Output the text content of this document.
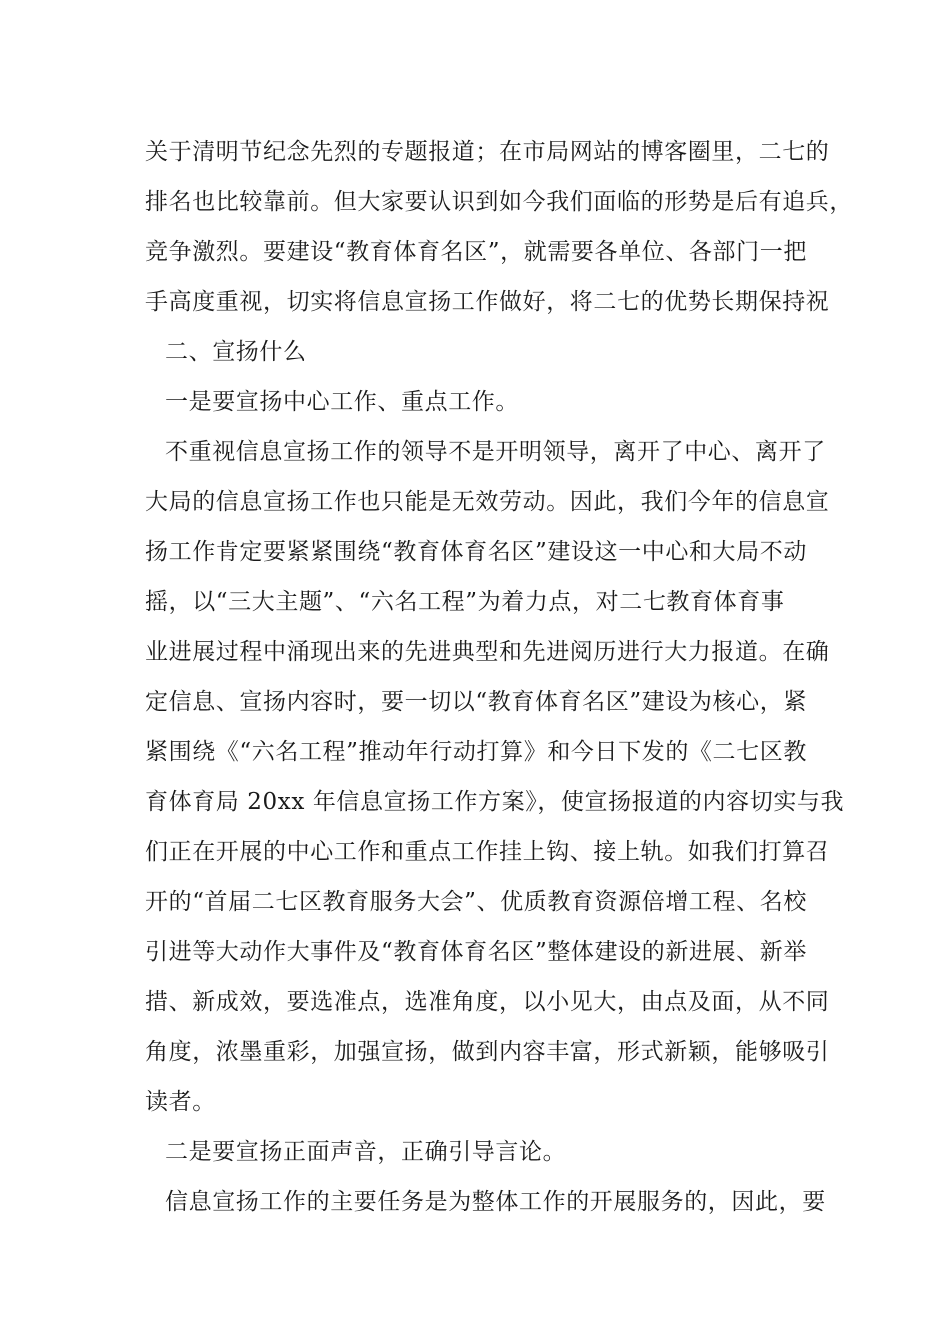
关于清明节纪念先烈的专题报道；在市局网站的博客圈里，二七的
排名也比较靠前。但大家要认识到如今我们面临的形势是后有追兵，
竞争激烈。要建设“教育体育名区”，就需要各单位、各部门一把
手高度重视，切实将信息宣扬工作做好，将二七的优势长期保持祝
二、宣扬什么
一是要宣扬中心工作、重点工作。
不重视信息宣扬工作的领导不是开明领导，离开了中心、离开了
大局的信息宣扬工作也只能是无效劳动。因此，我们今年的信息宣
扬工作肯定要紧紧围绕“教育体育名区”建设这一中心和大局不动
摇，以“三大主题”、“六名工程”为着力点，对二七教育体育事
业进展过程中涌现出来的先进典型和先进阅历进行大力报道。在确
定信息、宣扬内容时，要一切以“教育体育名区”建设为核心，紧
紧围绕《“六名工程”推动年行动打算》和今日下发的《二七区教
育体育局 20xx 年信息宣扬工作方案》，使宣扬报道的内容切实与我
们正在开展的中心工作和重点工作挂上钩、接上轨。如我们打算召
开的“首届二七区教育服务大会”、优质教育资源倍增工程、名校
引进等大动作大事件及“教育体育名区”整体建设的新进展、新举
措、新成效，要选准点，选准角度，以小见大，由点及面，从不同
角度，浓墨重彩，加强宣扬，做到内容丰富，形式新颖，能够吸引
读者。
二是要宣扬正面声音，正确引导言论。
信息宣扬工作的主要任务是为整体工作的开展服务的，因此，要
